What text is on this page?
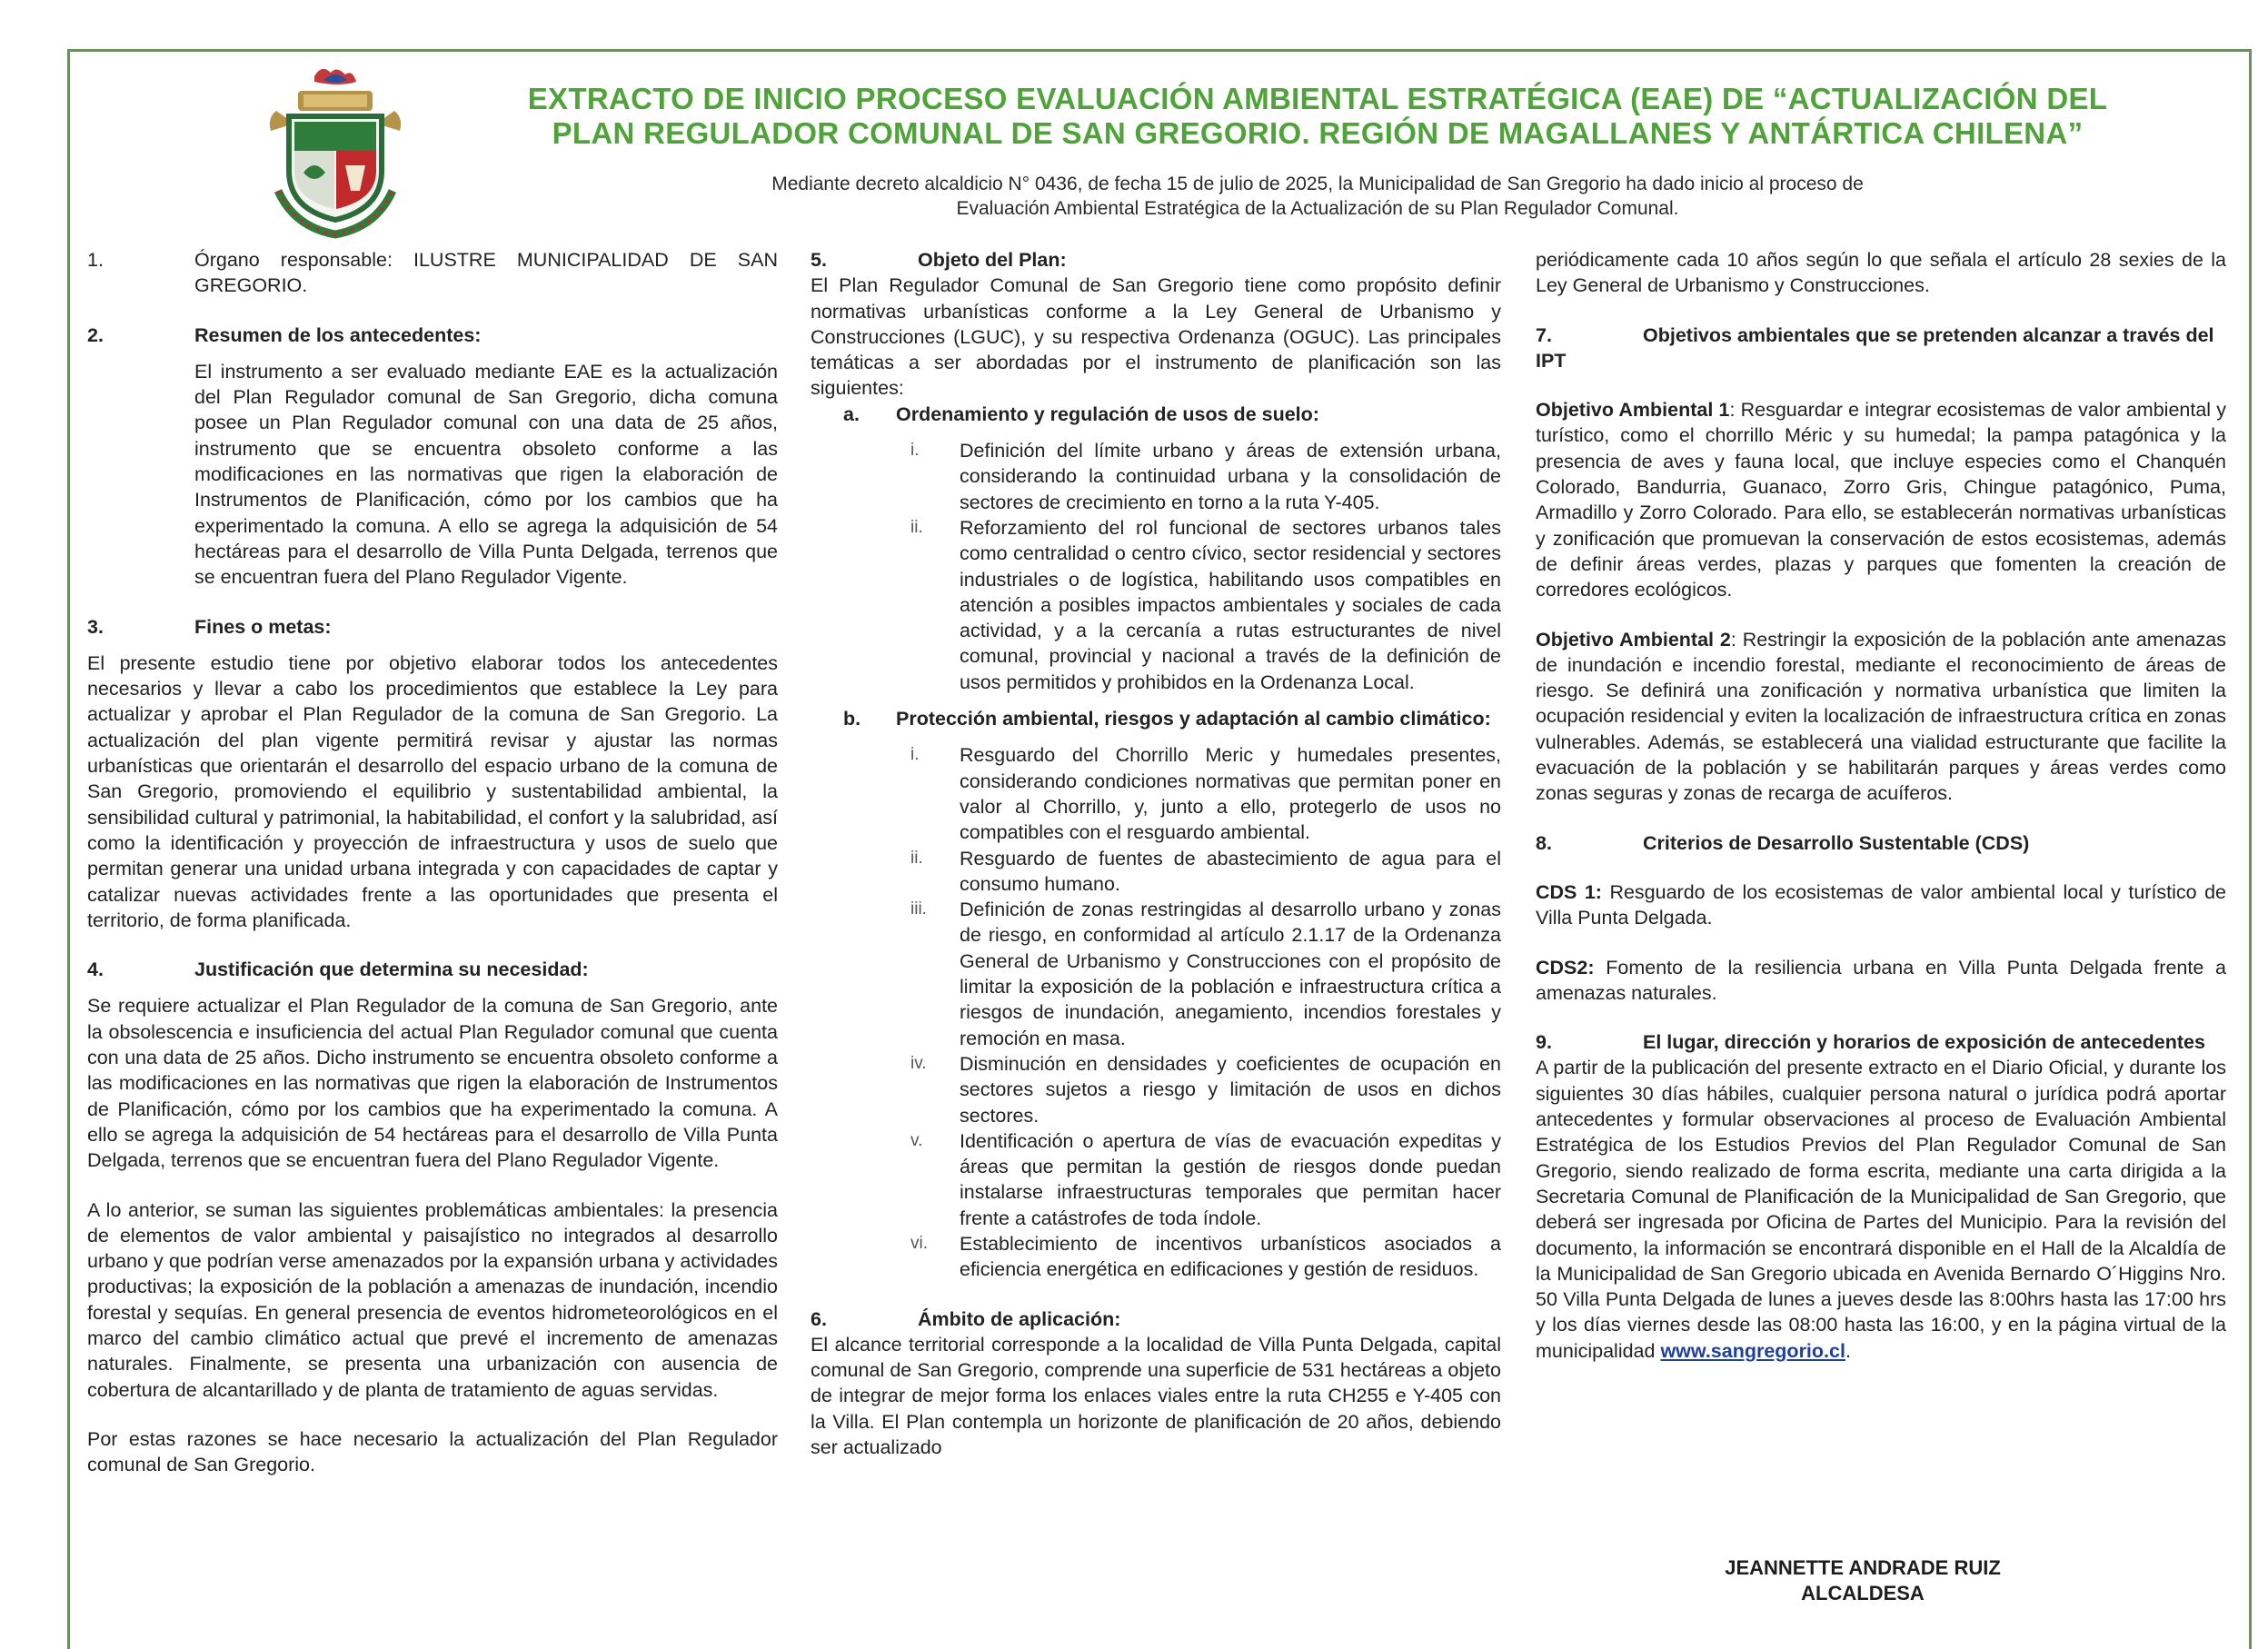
EXTRACTO DE INICIO PROCESO EVALUACIÓN AMBIENTAL ESTRATÉGICA (EAE) DE “ACTUALIZACIÓN DEL
PLAN REGULADOR COMUNAL DE SAN GREGORIO. REGIÓN DE MAGALLANES Y ANTÁRTICA CHILENA”
Mediante decreto alcaldicio N° 0436, de fecha 15 de julio de 2025, la Municipalidad de San Gregorio ha dado inicio al proceso de
Evaluación Ambiental Estratégica de la Actualización de su Plan Regulador Comunal.
1.	Órgano responsable: ILUSTRE MUNICIPALIDAD DE SAN GREGORIO.
2.	Resumen de los antecedentes:

El instrumento a ser evaluado mediante EAE es la actualización del Plan Regulador comunal de San Gregorio, dicha comuna posee un Plan Regulador comunal con una data de 25 años, instrumento que se encuentra obsoleto conforme a las modificaciones en las normativas que rigen la elaboración de Instrumentos de Planificación, cómo por los cambios que ha experimentado la comuna. A ello se agrega la adquisición de 54 hectáreas para el desarrollo de Villa Punta Delgada, terrenos que se encuentran fuera del Plano Regulador Vigente.

3.	Fines o metas:

El presente estudio tiene por objetivo elaborar todos los antecedentes necesarios y llevar a cabo los procedimientos que establece la Ley para actualizar y aprobar el Plan Regulador de la comuna de San Gregorio. La actualización del plan vigente permitirá revisar y ajustar las normas urbanísticas que orientarán el desarrollo del espacio urbano de la comuna de San Gregorio, promoviendo el equilibrio y sustentabilidad ambiental, la sensibilidad cultural y patrimonial, la habitabilidad, el confort y la salubridad, así como la identificación y proyección de infraestructura y usos de suelo que permitan generar una unidad urbana integrada y con capacidades de captar y catalizar nuevas actividades frente a las oportunidades que presenta el territorio, de forma planificada.

4.	Justificación que determina su necesidad:

Se requiere actualizar el Plan Regulador de la comuna de San Gregorio, ante la obsolescencia e insuficiencia del actual Plan Regulador comunal que cuenta con una data de 25 años. Dicho instrumento se encuentra obsoleto conforme a las modificaciones en las normativas que rigen la elaboración de Instrumentos de Planificación, cómo por los cambios que ha experimentado la comuna. A ello se agrega la adquisición de 54 hectáreas para el desarrollo de Villa Punta Delgada, terrenos que se encuentran fuera del Plano Regulador Vigente.

A lo anterior, se suman las siguientes problemáticas ambientales: la presencia de elementos de valor ambiental y paisajístico no integrados al desarrollo urbano y que podrían verse amenazados por la expansión urbana y actividades productivas; la exposición de la población a amenazas de inundación, incendio forestal y sequías. En general presencia de eventos hidrometeorológicos en el marco del cambio climático actual que prevé el incremento de amenazas naturales. Finalmente, se presenta una urbanización con ausencia de cobertura de alcantarillado y de planta de tratamiento de aguas servidas.

Por estas razones se hace necesario la actualización del Plan Regulador comunal de San Gregorio.

5.	Objeto del Plan:

El Plan Regulador Comunal de San Gregorio tiene como propósito definir normativas urbanísticas conforme a la Ley General de Urbanismo y Construcciones (LGUC), y su respectiva Ordenanza (OGUC). Las principales temáticas a ser abordadas por el instrumento de planificación son las siguientes:

a.	Ordenamiento y regulación de usos de suelo:
i.	Definición del límite urbano y áreas de extensión urbana, considerando la continuidad urbana y la consolidación de sectores de crecimiento en torno a la ruta Y-405.
ii.	Reforzamiento del rol funcional de sectores urbanos tales como centralidad o centro cívico, sector residencial y sectores industriales o de logística, habilitando usos compatibles en atención a posibles impactos ambientales y sociales de cada actividad, y a la cercanía a rutas estructurantes de nivel comunal, provincial y nacional a través de la definición de usos permitidos y prohibidos en la Ordenanza Local.
b.	Protección ambiental, riesgos y adaptación al cambio climático:
i.	Resguardo del Chorrillo Meric y humedales presentes, considerando condiciones normativas que permitan poner en valor al Chorrillo, y, junto a ello, protegerlo de usos no compatibles con el resguardo ambiental.
ii.	Resguardo de fuentes de abastecimiento de agua para el consumo humano.
iii.	Definición de zonas restringidas al desarrollo urbano y zonas de riesgo, en conformidad al artículo 2.1.17 de la Ordenanza General de Urbanismo y Construcciones con el propósito de limitar la exposición de la población e infraestructura crítica a riesgos de inundación, anegamiento, incendios forestales y remoción en masa.
iv.	Disminución en densidades y coeficientes de ocupación en sectores sujetos a riesgo y limitación de usos en dichos sectores.
v.	Identificación o apertura de vías de evacuación expeditas y áreas que permitan la gestión de riesgos donde puedan instalarse infraestructuras temporales que permitan hacer frente a catástrofes de toda índole.
vi.	Establecimiento de incentivos urbanísticos asociados a eficiencia energética en edificaciones y gestión de residuos.
6.	Ámbito de aplicación:

El alcance territorial corresponde a la localidad de Villa Punta Delgada, capital comunal de San Gregorio, comprende una superficie de 531 hectáreas a objeto de integrar de mejor forma los enlaces viales entre la ruta CH255 e Y-405 con la Villa. El Plan contempla un horizonte de planificación de 20 años, debiendo ser actualizado

periódicamente cada 10 años según lo que señala el artículo 28 sexies de la Ley General de Urbanismo y Construcciones.

7.	Objetivos ambientales que se pretenden alcanzar a través del IPT

Objetivo Ambiental 1: Resguardar e integrar ecosistemas de valor ambiental y turístico, como el chorrillo Méric y su humedal; la pampa patagónica y la presencia de aves y fauna local, que incluye especies como el Chanquén Colorado, Bandurria, Guanaco, Zorro Gris, Chingue patagónico, Puma, Armadillo y Zorro Colorado. Para ello, se establecerán normativas urbanísticas y zonificación que promuevan la conservación de estos ecosistemas, además de definir áreas verdes, plazas y parques que fomenten la creación de corredores ecológicos.

Objetivo Ambiental 2: Restringir la exposición de la población ante amenazas de inundación e incendio forestal, mediante el reconocimiento de áreas de riesgo. Se definirá una zonificación y normativa urbanística que limiten la ocupación residencial y eviten la localización de infraestructura crítica en zonas vulnerables. Además, se establecerá una vialidad estructurante que facilite la evacuación de la población y se habilitarán parques y áreas verdes como zonas seguras y zonas de recarga de acuíferos.

8.	Criterios de Desarrollo Sustentable (CDS)

CDS 1: Resguardo de los ecosistemas de valor ambiental local y turístico de Villa Punta Delgada.

CDS2: Fomento de la resiliencia urbana en Villa Punta Delgada frente a amenazas naturales.

9.	El lugar, dirección y horarios de exposición de antecedentes

A partir de la publicación del presente extracto en el Diario Oficial, y durante los siguientes 30 días hábiles, cualquier persona natural o jurídica podrá aportar antecedentes y formular observaciones al proceso de Evaluación Ambiental Estratégica de los Estudios Previos del Plan Regulador Comunal de San Gregorio, siendo realizado de forma escrita, mediante una carta dirigida a la Secretaria Comunal de Planificación de la Municipalidad de San Gregorio, que deberá ser ingresada por Oficina de Partes del Municipio. Para la revisión del documento, la información se encontrará disponible en el Hall de la Alcaldía de la Municipalidad de San Gregorio ubicada en Avenida Bernardo O´Higgins Nro. 50 Villa Punta Delgada de lunes a jueves desde las 8:00hrs hasta las 17:00 hrs y los días viernes desde las 08:00 hasta las 16:00, y en la página virtual de la municipalidad www.sangregorio.cl.

JEANNETTE ANDRADE RUIZ
ALCALDESA
